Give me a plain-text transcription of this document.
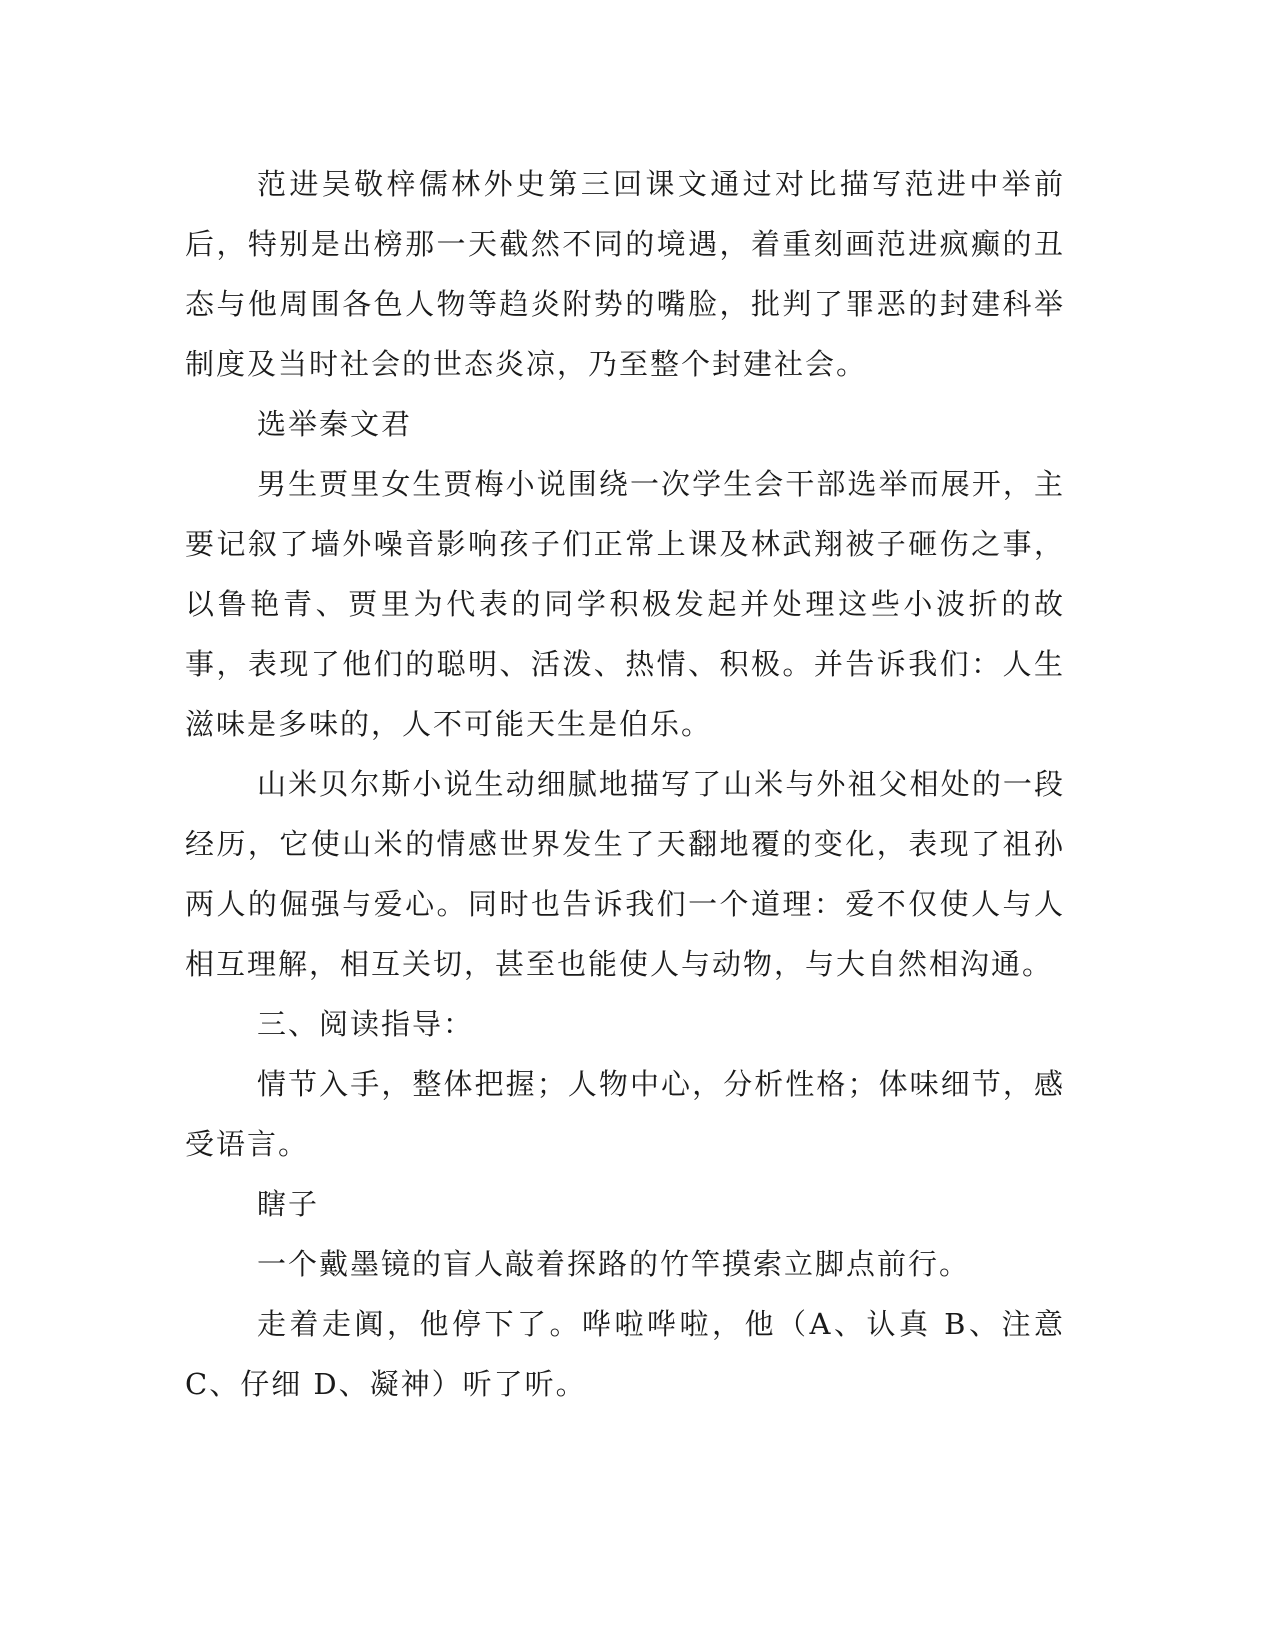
范进吴敬梓儒林外史第三回课文通过对比描写范进中举前后，特别是出榜那一天截然不同的境遇，着重刻画范进疯癫的丑态与他周围各色人物等趋炎附势的嘴脸，批判了罪恶的封建科举制度及当时社会的世态炎凉，乃至整个封建社会。

选举秦文君

男生贾里女生贾梅小说围绕一次学生会干部选举而展开，主要记叙了墙外噪音影响孩子们正常上课及林武翔被子砸伤之事，以鲁艳青、贾里为代表的同学积极发起并处理这些小波折的故事，表现了他们的聪明、活泼、热情、积极。并告诉我们：人生滋味是多味的，人不可能天生是伯乐。

山米贝尔斯小说生动细腻地描写了山米与外祖父相处的一段经历，它使山米的情感世界发生了天翻地覆的变化，表现了祖孙两人的倔强与爱心。同时也告诉我们一个道理：爱不仅使人与人相互理解，相互关切，甚至也能使人与动物，与大自然相沟通。

三、阅读指导：

情节入手，整体把握；人物中心，分析性格；体味细节，感受语言。

瞎子

一个戴墨镜的盲人敲着探路的竹竿摸索立脚点前行。

走着走阗，他停下了。哗啦哗啦，他（A、认真 B、注意 C、仔细 D、凝神）听了听。
